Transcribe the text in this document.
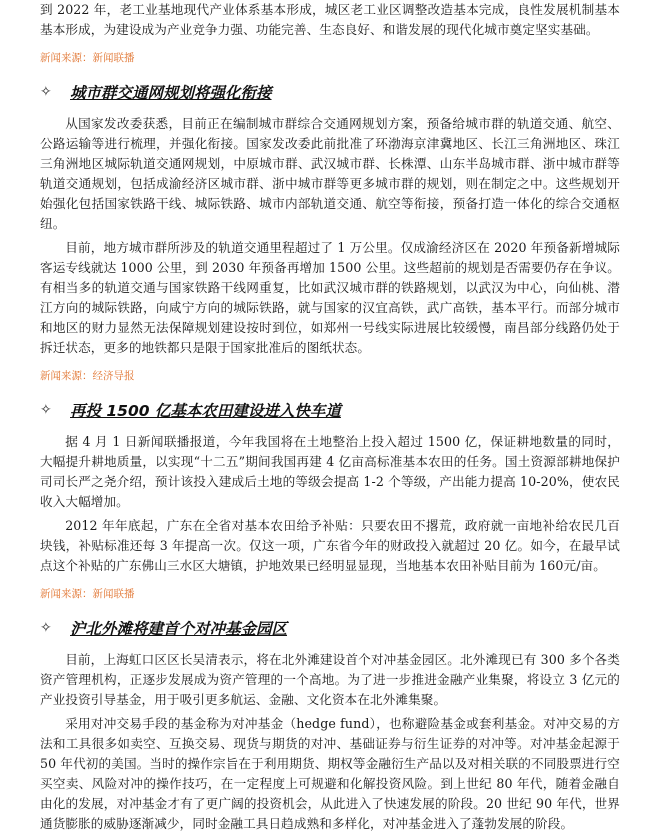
到 2022 年，老工业基地现代产业体系基本形成，城区老工业区调整改造基本完成，良性发展机制基本基本形成，为建设成为产业竞争力强、功能完善、生态良好、和谐发展的现代化城市奠定坚实基础。

新闻来源：新闻联播
✧	城市群交通网规划将强化衔接

从国家发改委获悉，目前正在编制城市群综合交通网规划方案，预备给城市群的轨道交通、航空、公路运输等进行梳理，并强化衔接。国家发改委此前批准了环渤海京津冀地区、长江三角洲地区、珠江三角洲地区城际轨道交通网规划，中原城市群、武汉城市群、长株潭、山东半岛城市群、浙中城市群等轨道交通规划，包括成渝经济区城市群、浙中城市群等更多城市群的规划，则在制定之中。这些规划开始强化包括国家铁路干线、城际铁路、城市内部轨道交通、航空等衔接，预备打造一体化的综合交通枢纽。

目前，地方城市群所涉及的轨道交通里程超过了 1 万公里。仅成渝经济区在 2020 年预备新增城际客运专线就达 1000 公里，到 2030 年预备再增加 1500 公里。这些超前的规划是否需要仍存在争议。有相当多的轨道交通与国家铁路干线网重复，比如武汉城市群的铁路规划，以武汉为中心，向仙桃、潜江方向的城际铁路，向咸宁方向的城际铁路，就与国家的汉宜高铁，武广高铁，基本平行。而部分城市和地区的财力显然无法保障规划建设按时到位，如郑州一号线实际进展比较缓慢，南昌部分线路仍处于拆迁状态，更多的地铁都只是限于国家批准后的图纸状态。

新闻来源：经济导报
✧	再投 1500 亿基本农田建设进入快车道

据 4 月 1 日新闻联播报道，今年我国将在土地整治上投入超过 1500 亿，保证耕地数量的同时，大幅提升耕地质量，以实现“十二五”期间我国再建 4 亿亩高标准基本农田的任务。国土资源部耕地保护司司长严之尧介绍，预计该投入建成后土地的等级会提高 1-2 个等级，产出能力提高 10-20%，使农民收入大幅增加。

2012 年年底起，广东在全省对基本农田给予补贴：只要农田不撂荒，政府就一亩地补给农民几百块钱，补贴标准还每 3 年提高一次。仅这一项，广东省今年的财政投入就超过 20 亿。如今，在最早试点这个补贴的广东佛山三水区大塘镇，护地效果已经明显显现，当地基本农田补贴目前为 160元/亩。

新闻来源：新闻联播
✧	沪北外滩将建首个对冲基金园区

目前，上海虹口区区长吴清表示，将在北外滩建设首个对冲基金园区。北外滩现已有 300 多个各类资产管理机构，正逐步发展成为资产管理的一个高地。为了进一步推进金融产业集聚，将设立 3 亿元的产业投资引导基金，用于吸引更多航运、金融、文化资本在北外滩集聚。

采用对冲交易手段的基金称为对冲基金（hedge fund），也称避险基金或套利基金。对冲交易的方法和工具很多如卖空、互换交易、现货与期货的对冲、基础证券与衍生证券的对冲等。对冲基金起源于 50 年代初的美国。当时的操作宗旨在于利用期货、期权等金融衍生产品以及对相关联的不同股票进行空买空卖、风险对冲的操作技巧，在一定程度上可规避和化解投资风险。到上世纪 80 年代，随着金融自由化的发展，对冲基金才有了更广阔的投资机会，从此进入了快速发展的阶段。20 世纪 90 年代，世界通货膨胀的威胁逐渐减少，同时金融工具日趋成熟和多样化，对冲基金进入了蓬勃发展的阶段。
